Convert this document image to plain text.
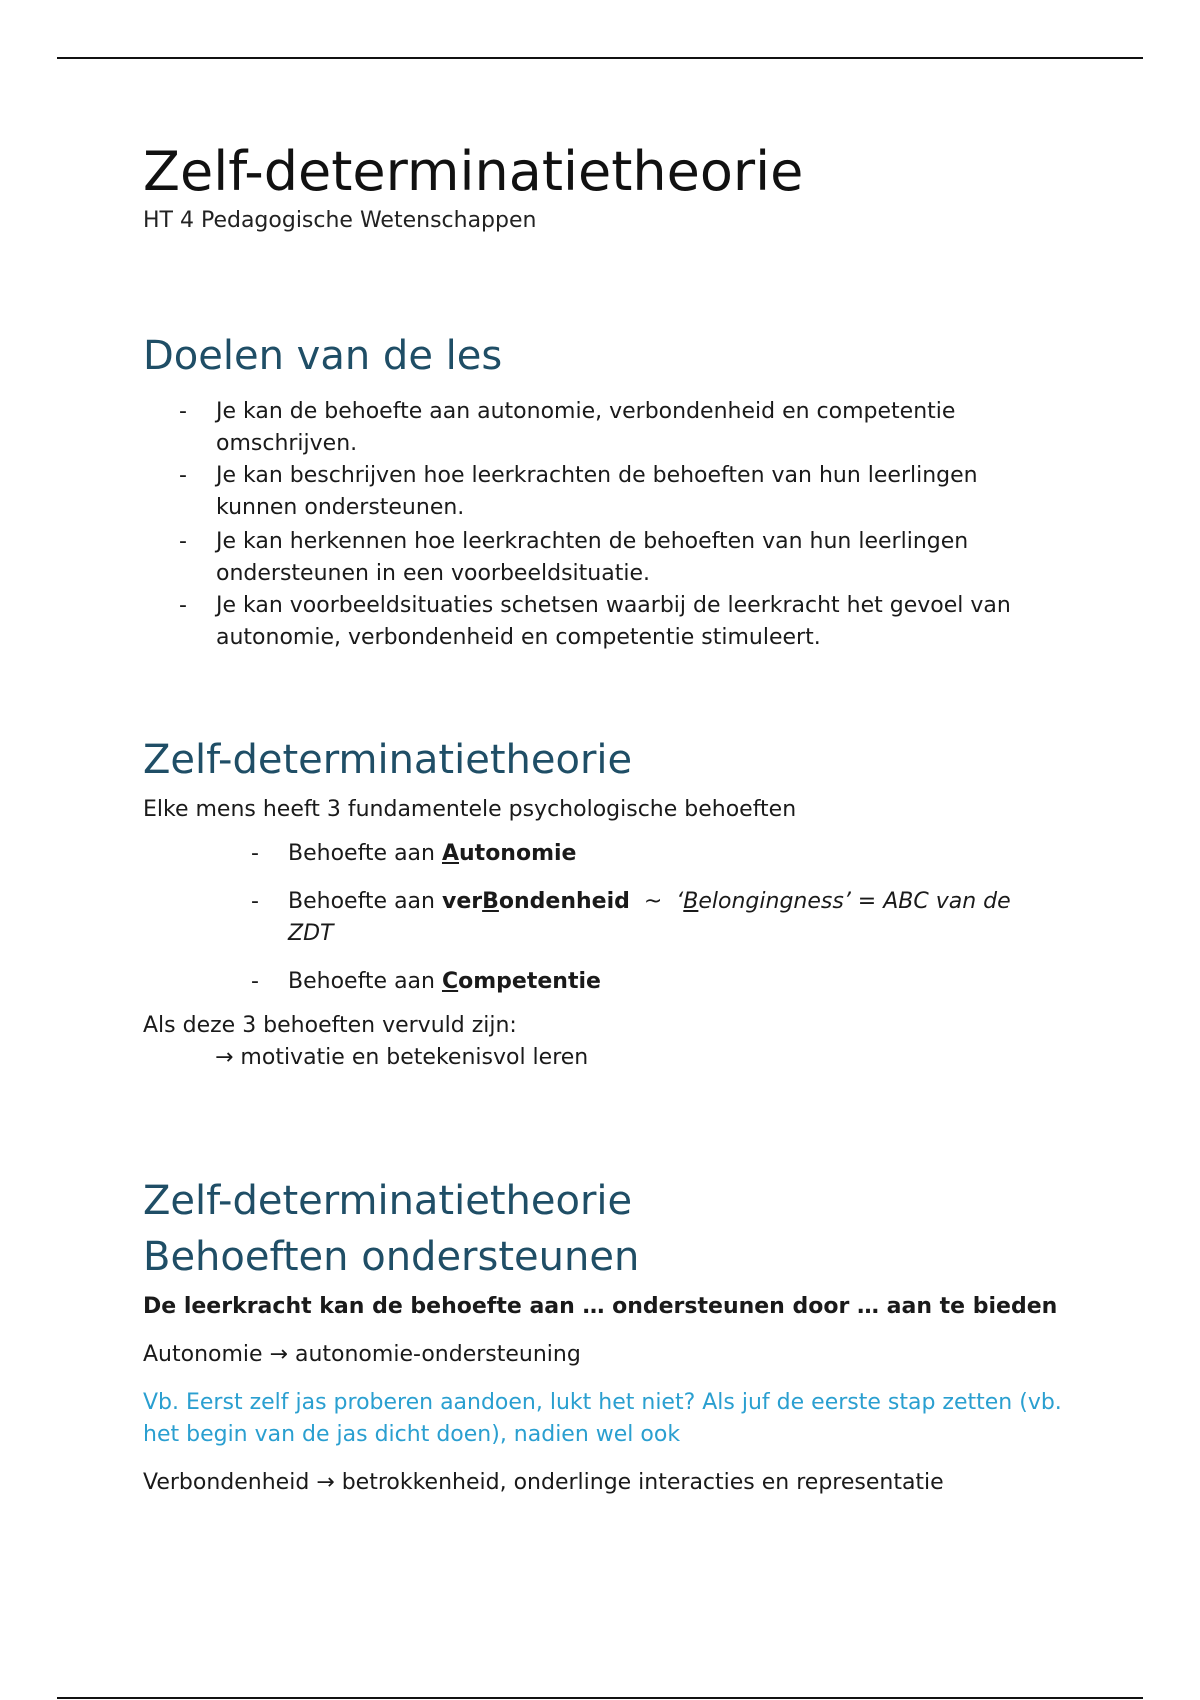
Zelf-determinatietheorie

HT 4 Pedagogische Wetenschappen

Doelen van de les
- Je kan de behoefte aan autonomie, verbondenheid en competentie omschrijven.
- Je kan beschrijven hoe leerkrachten de behoeften van hun leerlingen kunnen ondersteunen.
- Je kan herkennen hoe leerkrachten de behoeften van hun leerlingen ondersteunen in een voorbeeldsituatie.
- Je kan voorbeeldsituaties schetsen waarbij de leerkracht het gevoel van autonomie, verbondenheid en competentie stimuleert.
Zelf-determinatietheorie

Elke mens heeft 3 fundamentele psychologische behoeften

- Behoefte aan Autonomie
- Behoefte aan verBondenheid  ~  ‘Belongingness’ = ABC van de ZDT
- Behoefte aan Competentie

Als deze 3 behoeften vervuld zijn:

→ motivatie en betekenisvol leren

Zelf-determinatietheorie
Behoeften ondersteunen

De leerkracht kan de behoefte aan … ondersteunen door … aan te bieden

Autonomie → autonomie-ondersteuning

Vb. Eerst zelf jas proberen aandoen, lukt het niet? Als juf de eerste stap zetten (vb. het begin van de jas dicht doen), nadien wel ook

Verbondenheid → betrokkenheid, onderlinge interacties en representatie
